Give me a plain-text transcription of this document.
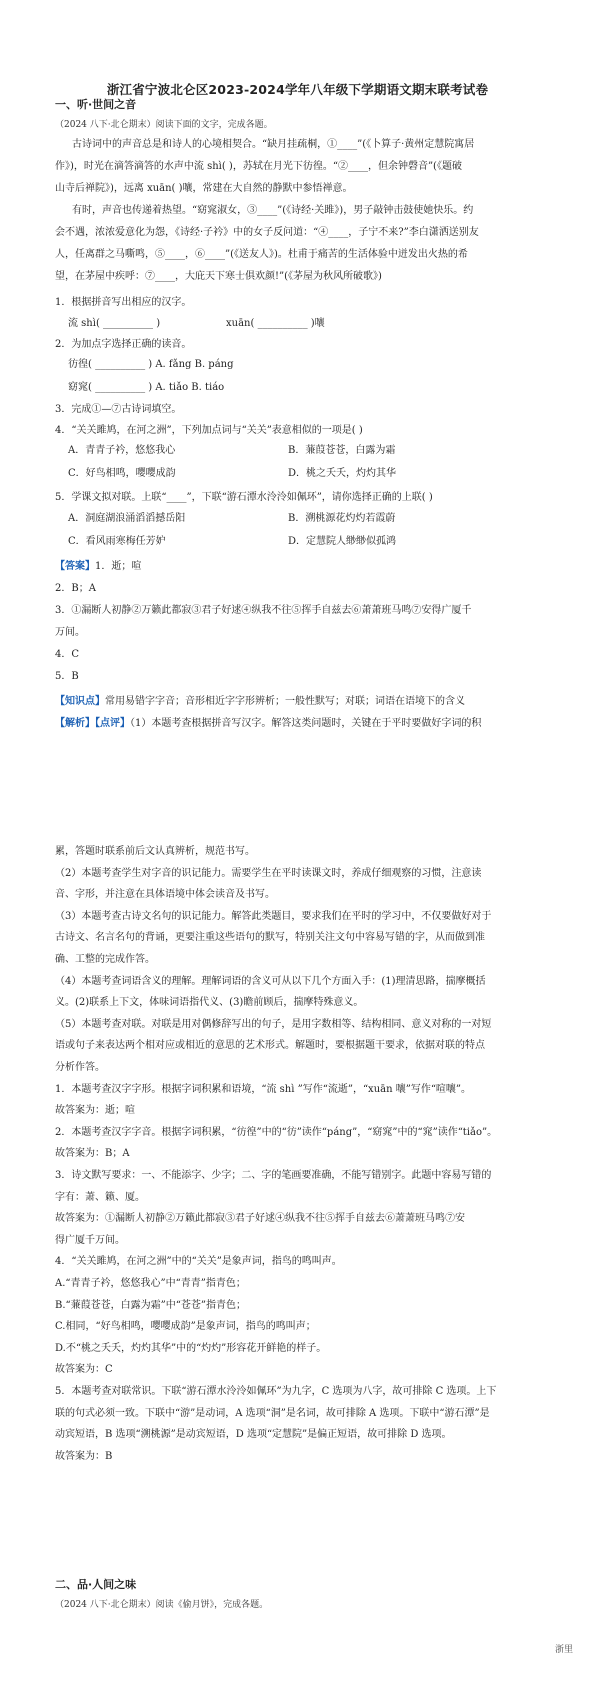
浙江省宁波北仑区2023-2024学年八年级下学期语文期末联考试卷
一、听·世间之音
（2024 八下·北仑期末）阅读下面的文字，完成各题。
古诗词中的声音总是和诗人的心境相契合。“缺月挂疏桐，①____”(《卜算子·黄州定慧院寓居
作》)，时光在滴答滴答的水声中流 shì( )，苏轼在月光下彷徨。“②____，但余钟磬音”(《题破
山寺后禅院》)，远离 xuān( )嚷，常建在大自然的静默中参悟禅意。
有时，声音也传递着热望。“窈窕淑女，③____”(《诗经·关雎》)，男子敲钟击鼓使她快乐。约
会不遇，浓浓爱意化为怨，《诗经·子衿》中的女子反问道：“④____，子宁不来?”李白潇洒送别友
人，任离群之马嘶鸣，⑤____，⑥____”(《送友人》)。杜甫于痛苦的生活体验中迸发出火热的希
望，在茅屋中疾呼：⑦____，大庇天下寒士俱欢颜!”(《茅屋为秋风所破歌》)
1．根据拼音写出相应的汉字。
流 shì( __________ )	xuān( __________ )嚷
2．为加点字选择正确的读音。
彷徨( __________ ) A. fǎng B. páng
窈窕( __________ ) A. tiǎo B. tiáo
3．完成①—⑦古诗词填空。
4．“关关雎鸠，在河之洲”，下列加点词与“关关”表意相似的一项是( )
A．青青子衿，悠悠我心	B．蒹葭苍苍，白露为霜
C．好鸟相鸣，嘤嘤成韵	D．桃之夭夭，灼灼其华
5．学课文拟对联。上联“____”，下联“游石潭水泠泠如佩环”，请你选择正确的上联( )
A．洞庭湖浪涌滔滔撼岳阳	B．溯桃源花灼灼若霞蔚
C．看风雨寒梅任芳妒	D．定慧院人缈缈似孤鸿
【答案】1．逝；喧
2．B；A
3．①漏断人初静②万籁此都寂③君子好逑④纵我不往⑤挥手自兹去⑥萧萧班马鸣⑦安得广厦千
万间。
4．C
5．B
【知识点】常用易错字字音；音形相近字字形辨析；一般性默写；对联；词语在语境下的含义
【解析】【点评】（1）本题考查根据拼音写汉字。解答这类问题时，关键在于平时要做好字词的积
累，答题时联系前后文认真辨析，规范书写。
（2）本题考查学生对字音的识记能力。需要学生在平时读课文时，养成仔细观察的习惯，注意读
音、字形，并注意在具体语境中体会读音及书写。
（3）本题考查古诗文名句的识记能力。解答此类题目，要求我们在平时的学习中，不仅要做好对于
古诗文、名言名句的背诵，更要注重这些语句的默写，特别关注文句中容易写错的字，从而做到准
确、工整的完成作答。
（4）本题考查词语含义的理解。理解词语的含义可从以下几个方面入手：(1)理清思路，揣摩概括
义。(2)联系上下文，体味词语指代义、(3)瞻前顾后，揣摩特殊意义。
（5）本题考查对联。对联是用对偶修辞写出的句子，是用字数相等、结构相同、意义对称的一对短
语或句子来表达两个相对应或相近的意思的艺术形式。解题时，要根据题干要求，依据对联的特点
分析作答。
1．本题考查汉字字形。根据字词积累和语境，“流 shì ”写作“流逝”，“xuān 嚷”写作“喧嚷”。
故答案为：逝；喧
2．本题考查汉字字音。根据字词积累，“彷徨”中的“彷”读作“páng”，“窈窕”中的“窕”读作“tiǎo”。
故答案为：B；A
3．诗文默写要求：一、不能添字、少字；二、字的笔画要准确，不能写错别字。此题中容易写错的
字有：萧、籁、厦。
故答案为：①漏断人初静②万籁此都寂③君子好逑④纵我不往⑤挥手自兹去⑥萧萧班马鸣⑦安
得广厦千万间。
4．“关关雎鸠，在河之洲”中的“关关”是象声词，指鸟的鸣叫声。
A.“青青子衿，悠悠我心”中“青青”指青色；
B.“蒹葭苍苍，白露为霜”中“苍苍”指青色；
C.相同，“好鸟相鸣，嘤嘤成韵”是象声词，指鸟的鸣叫声；
D.不“桃之夭夭，灼灼其华”中的“灼灼”形容花开鲜艳的样子。
故答案为：C
5．本题考查对联常识。下联“游石潭水泠泠如佩环”为九字，C 选项为八字，故可排除 C 选项。上下
联的句式必须一致。下联中“游”是动词，A 选项“洞”是名词，故可排除 A 选项。下联中“游石潭”是
动宾短语，B 选项“溯桃源”是动宾短语，D 选项“定慧院”是偏正短语，故可排除 D 选项。
故答案为：B
二、品·人间之味
（2024 八下·北仑期末）阅读《偷月饼》，完成各题。
浙里
